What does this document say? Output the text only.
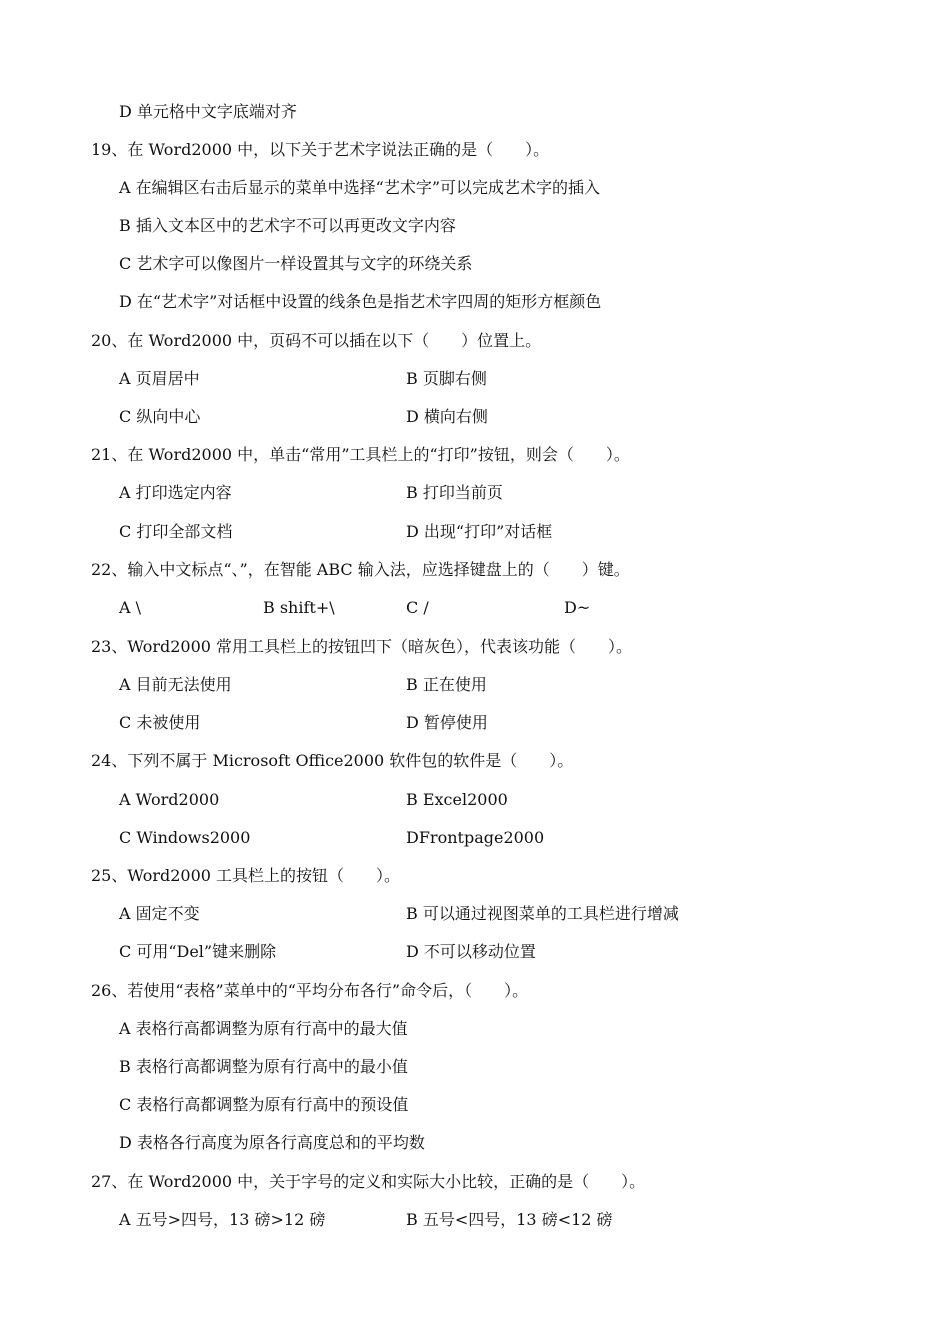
D 单元格中文字底端对齐
19、在 Word2000 中，以下关于艺术字说法正确的是（　　）。
A 在编辑区右击后显示的菜单中选择“艺术字”可以完成艺术字的插入
B 插入文本区中的艺术字不可以再更改文字内容
C 艺术字可以像图片一样设置其与文字的环绕关系
D 在“艺术字”对话框中设置的线条色是指艺术字四周的矩形方框颜色
20、在 Word2000 中，页码不可以插在以下（　　）位置上。
A 页眉居中	B 页脚右侧
C 纵向中心	D 横向右侧
21、在 Word2000 中，单击“常用”工具栏上的“打印”按钮，则会（　　）。
A 打印选定内容	B 打印当前页
C 打印全部文档	D 出现“打印”对话框
22、输入中文标点“、”，在智能 ABC 输入法，应选择键盘上的（　　）键。
A \	B shift+\	C /	D~
23、Word2000 常用工具栏上的按钮凹下（暗灰色），代表该功能（　　）。
A 目前无法使用	B 正在使用
C 未被使用	D 暂停使用
24、下列不属于 Microsoft Office2000 软件包的软件是（　　）。
A Word2000	B Excel2000
C Windows2000	DFrontpage2000
25、Word2000 工具栏上的按钮（　　）。
A 固定不变	B 可以通过视图菜单的工具栏进行增减
C 可用“Del”键来删除	D 不可以移动位置
26、若使用“表格”菜单中的“平均分布各行”命令后，（　　）。
A 表格行高都调整为原有行高中的最大值
B 表格行高都调整为原有行高中的最小值
C 表格行高都调整为原有行高中的预设值
D 表格各行高度为原各行高度总和的平均数
27、在 Word2000 中，关于字号的定义和实际大小比较，正确的是（　　）。
A 五号>四号，13 磅>12 磅	B 五号<四号，13 磅<12 磅
